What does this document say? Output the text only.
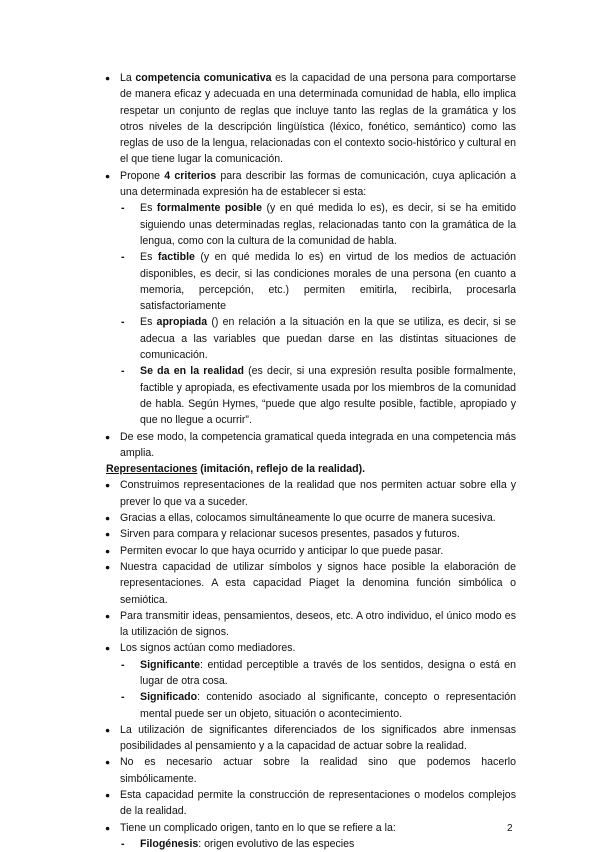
● La competencia comunicativa es la capacidad de una persona para comportarse de manera eficaz y adecuada en una determinada comunidad de habla, ello implica respetar un conjunto de reglas que incluye tanto las reglas de la gramática y los otros niveles de la descripción lingüística (léxico, fonético, semántico) como las reglas de uso de la lengua, relacionadas con el contexto socio-histórico y cultural en el que tiene lugar la comunicación.
● Propone 4 criterios para describir las formas de comunicación, cuya aplicación a una determinada expresión ha de establecer si esta:
- Es formalmente posible (y en qué medida lo es), es decir, si se ha emitido siguiendo unas determinadas reglas, relacionadas tanto con la gramática de la lengua, como con la cultura de la comunidad de habla.
- Es factible (y en qué medida lo es) en virtud de los medios de actuación disponibles, es decir, si las condiciones morales de una persona (en cuanto a memoria, percepción, etc.) permiten emitirla, recibirla, procesarla satisfactoriamente
- Es apropiada () en relación a la situación en la que se utiliza, es decir, si se adecua a las variables que puedan darse en las distintas situaciones de comunicación.
- Se da en la realidad (es decir, si una expresión resulta posible formalmente, factible y apropiada, es efectivamente usada por los miembros de la comunidad de habla. Según Hymes, “puede que algo resulte posible, factible, apropiado y que no llegue a ocurrir”.
● De ese modo, la competencia gramatical queda integrada en una competencia más amplia.
Representaciones (imitación, reflejo de la realidad).
● Construimos representaciones de la realidad que nos permiten actuar sobre ella y prever lo que va a suceder.
● Gracias a ellas, colocamos simultáneamente lo que ocurre de manera sucesiva.
● Sirven para compara y relacionar sucesos presentes, pasados y futuros.
● Permiten evocar lo que haya ocurrido y anticipar lo que puede pasar.
● Nuestra capacidad de utilizar símbolos y signos hace posible la elaboración de representaciones. A esta capacidad Piaget la denomina función simbólica o semiótica.
● Para transmitir ideas, pensamientos, deseos, etc. A otro individuo, el único modo es la utilización de signos.
● Los signos actúan como mediadores.
- Significante: entidad perceptible a través de los sentidos, designa o está en lugar de otra cosa.
- Significado: contenido asociado al significante, concepto o representación mental puede ser un objeto, situación o acontecimiento.
● La utilización de significantes diferenciados de los significados abre inmensas posibilidades al pensamiento y a la capacidad de actuar sobre la realidad.
● No es necesario actuar sobre la realidad sino que podemos hacerlo simbólicamente.
● Esta capacidad permite la construcción de representaciones o modelos complejos de la realidad.
● Tiene un complicado origen, tanto en lo que se refiere a la:
- Filogénesis: origen evolutivo de las especies
2
